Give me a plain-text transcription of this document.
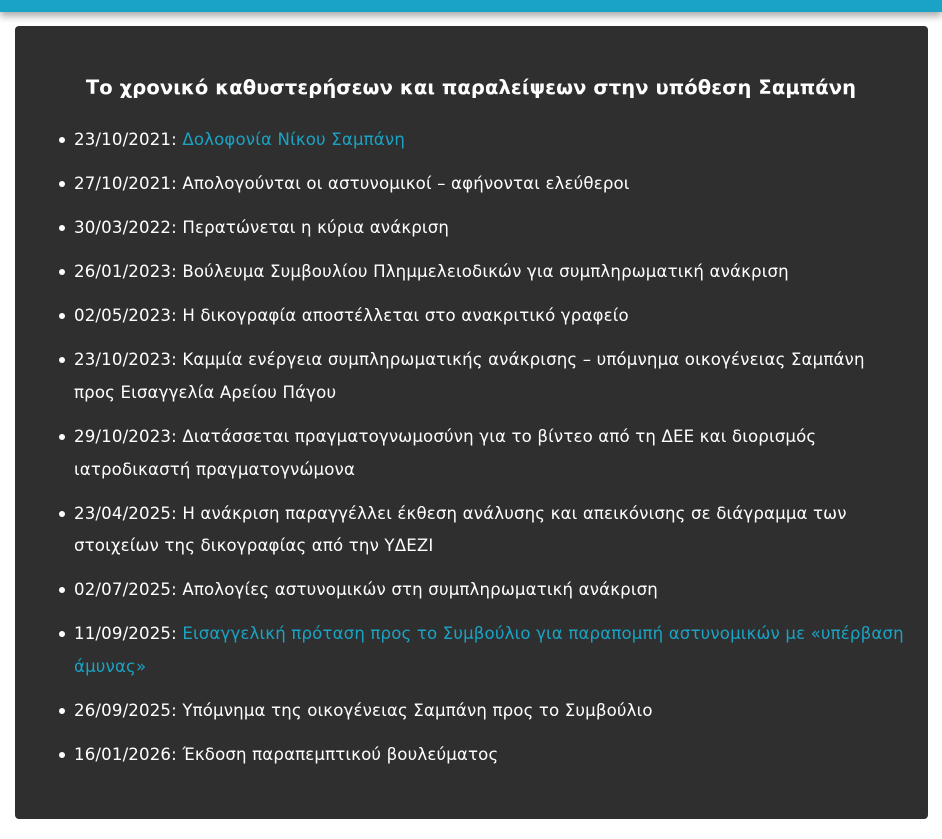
Το χρονικό καθυστερήσεων και παραλείψεων στην υπόθεση Σαμπάνη
23/10/2021: Δολοφονία Νίκου Σαμπάνη
27/10/2021: Απολογούνται οι αστυνομικοί – αφήνονται ελεύθεροι
30/03/2022: Περατώνεται η κύρια ανάκριση
26/01/2023: Βούλευμα Συμβουλίου Πλημμελειοδικών για συμπληρωματική ανάκριση
02/05/2023: Η δικογραφία αποστέλλεται στο ανακριτικό γραφείο
23/10/2023: Καμμία ενέργεια συμπληρωματικής ανάκρισης – υπόμνημα οικογένειας Σαμπάνη προς Εισαγγελία Αρείου Πάγου
29/10/2023: Διατάσσεται πραγματογνωμοσύνη για το βίντεο από τη ΔΕΕ και διορισμός ιατροδικαστή πραγματογνώμονα
23/04/2025: Η ανάκριση παραγγέλλει έκθεση ανάλυσης και απεικόνισης σε διάγραμμα των στοιχείων της δικογραφίας από την ΥΔΕΖΙ
02/07/2025: Απολογίες αστυνομικών στη συμπληρωματική ανάκριση
11/09/2025: Εισαγγελική πρόταση προς το Συμβούλιο για παραπομπή αστυνομικών με «υπέρβαση άμυνας»
26/09/2025: Υπόμνημα της οικογένειας Σαμπάνη προς το Συμβούλιο
16/01/2026: Έκδοση παραπεμπτικού βουλεύματος
